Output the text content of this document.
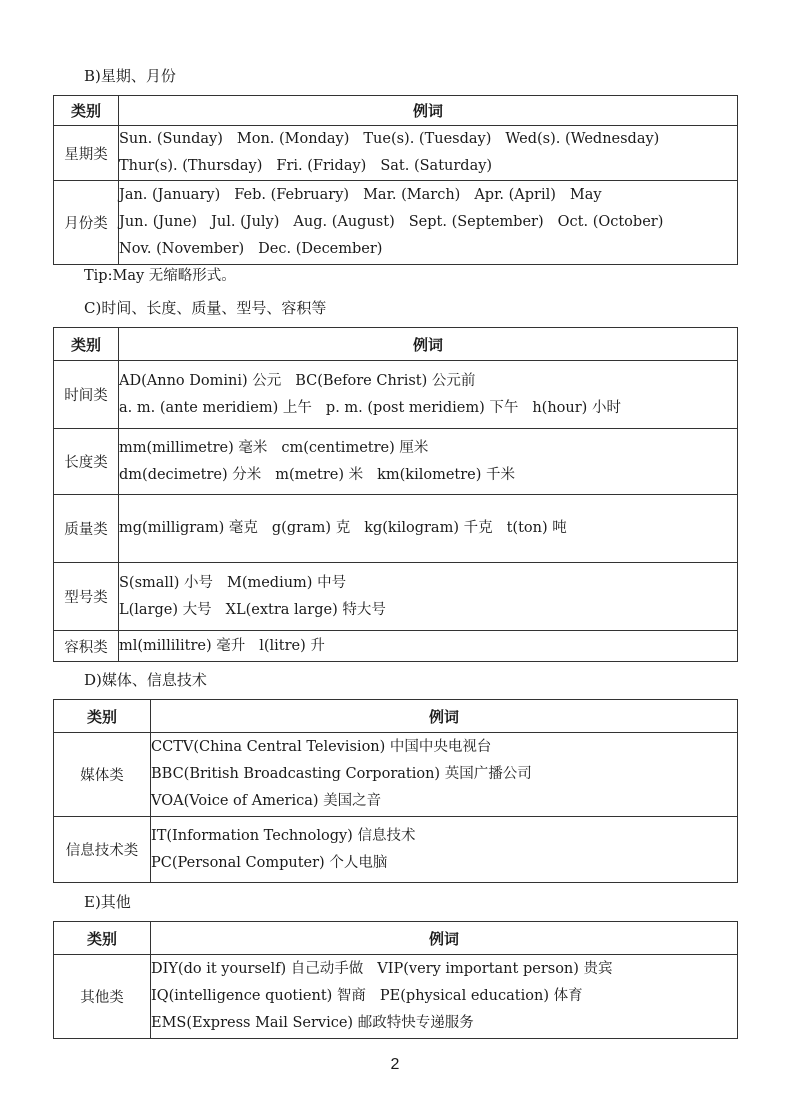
B)星期、月份
类别	例词
星期类	Sun. (Sunday) Mon. (Monday) Tue(s). (Tuesday) Wed(s). (Wednesday)
Thur(s). (Thursday) Fri. (Friday) Sat. (Saturday)

月份类	Jan. (January) Feb. (February) Mar. (March) Apr. (April) May
Jun. (June) Jul. (July) Aug. (August) Sept. (September) Oct. (October)
Nov. (November) Dec. (December)
Tip:May 无缩略形式。
C)时间、长度、质量、型号、容积等
类别	例词
时间类	AD(Anno Domini) 公元 BC(Before Christ) 公元前
a. m. (ante meridiem) 上午 p. m. (post meridiem) 下午 h(hour) 小时

长度类	mm(millimetre) 毫米 cm(centimetre) 厘米
dm(decimetre) 分米 m(metre) 米 km(kilometre) 千米

质量类	mg(milligram) 毫克 g(gram) 克 kg(kilogram) 千克 t(ton) 吨

型号类	S(small) 小号 M(medium) 中号
L(large) 大号 XL(extra large) 特大号

容积类	ml(millilitre) 毫升 l(litre) 升
D)媒体、信息技术
类别	例词
媒体类	CCTV(China Central Television) 中国中央电视台
BBC(British Broadcasting Corporation) 英国广播公司
VOA(Voice of America) 美国之音

信息技术类	IT(Information Technology) 信息技术
PC(Personal Computer) 个人电脑
E)其他
类别	例词
其他类	DIY(do it yourself) 自己动手做 VIP(very important person) 贵宾
IQ(intelligence quotient) 智商 PE(physical education) 体育
EMS(Express Mail Service) 邮政特快专递服务
2
